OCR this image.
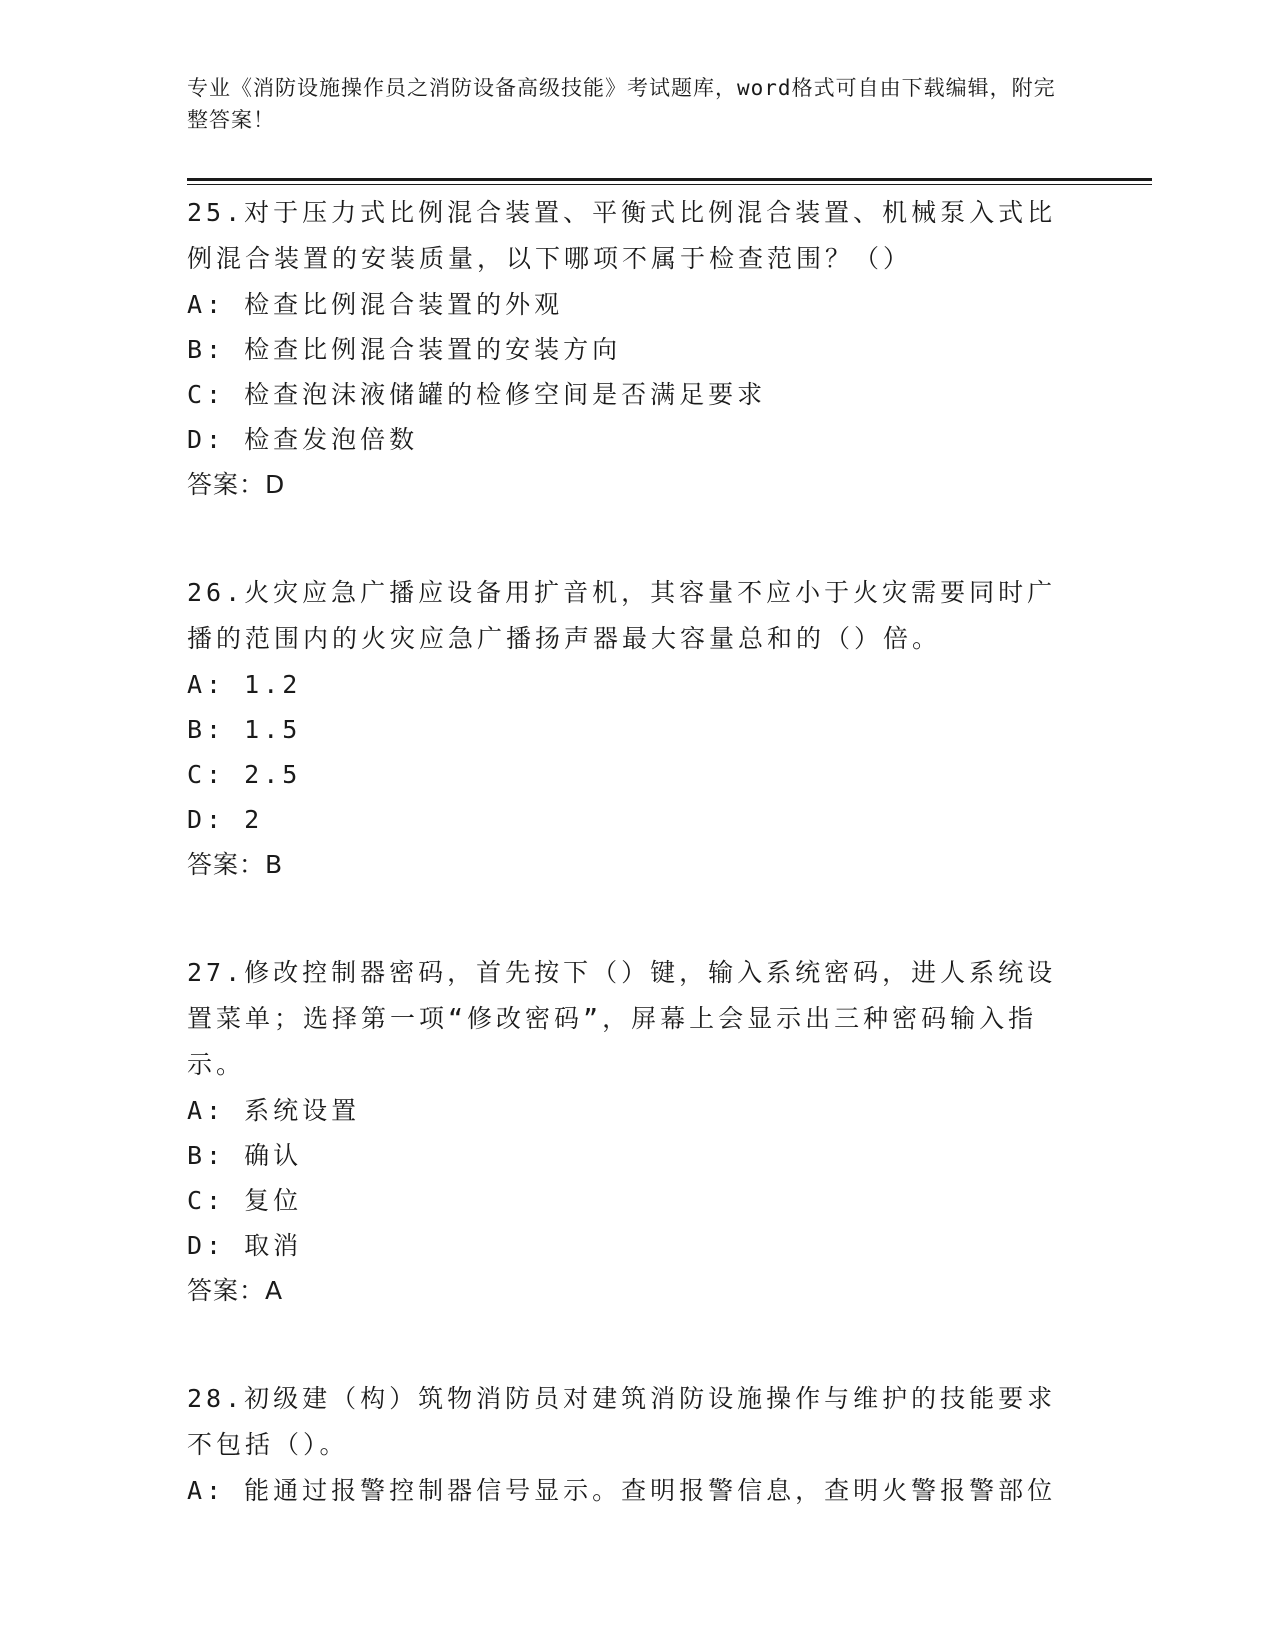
专业《消防设施操作员之消防设备高级技能》考试题库，word格式可自由下载编辑，附完整答案！

25.对于压力式比例混合装置、平衡式比例混合装置、机械泵入式比例混合装置的安装质量，以下哪项不属于检查范围？（）

A: 检查比例混合装置的外观

B: 检查比例混合装置的安装方向

C: 检查泡沫液储罐的检修空间是否满足要求

D: 检查发泡倍数

答案：D

26.火灾应急广播应设备用扩音机，其容量不应小于火灾需要同时广播的范围内的火灾应急广播扬声器最大容量总和的（）倍。

A: 1.2

B: 1.5

C: 2.5

D: 2

答案：B

27.修改控制器密码，首先按下（）键，输入系统密码，进人系统设置菜单；选择第一项“修改密码”，屏幕上会显示出三种密码输入指示。

A: 系统设置

B: 确认

C: 复位

D: 取消

答案：A

28.初级建（构）筑物消防员对建筑消防设施操作与维护的技能要求不包括（）。

A: 能通过报警控制器信号显示。查明报警信息，查明火警报警部位
